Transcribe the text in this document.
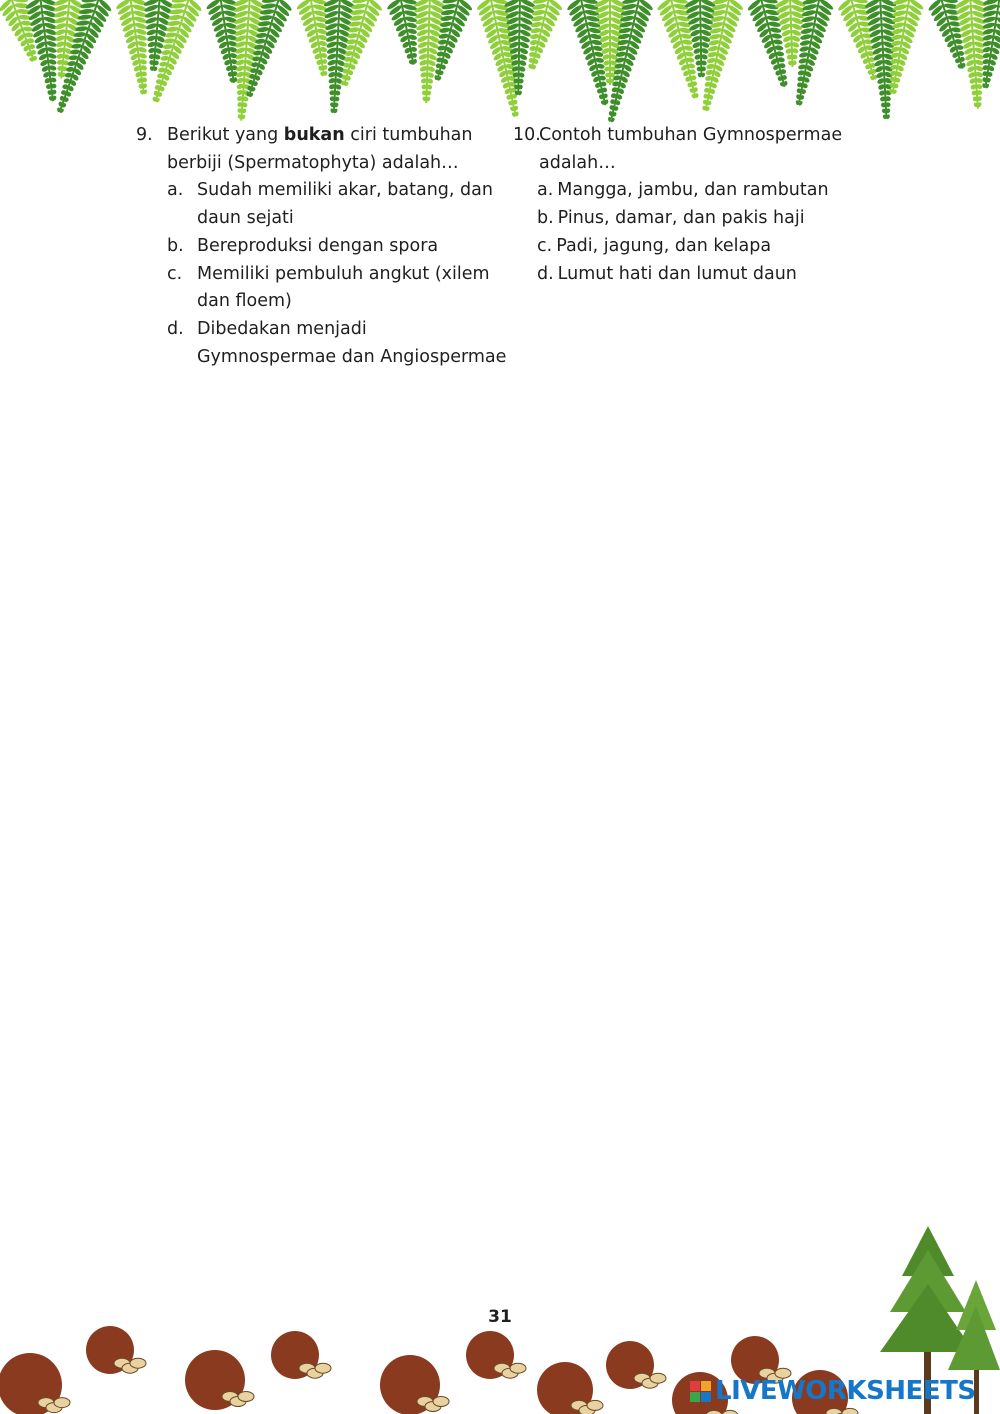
9. Berikut yang bukan ciri tumbuhan berbiji (Spermatophyta) adalah…
a. Sudah memiliki akar, batang, dan daun sejati
b. Bereproduksi dengan spora
c. Memiliki pembuluh angkut (xilem dan floem)
d. Dibedakan menjadi Gymnospermae dan Angiospermae
10.
Contoh tumbuhan Gymnospermae adalah…
a. Mangga, jambu, dan rambutan
b. Pinus, damar, dan pakis haji
c. Padi, jagung, dan kelapa
d. Lumut hati dan lumut daun
31
LIVEWORKSHEETS
